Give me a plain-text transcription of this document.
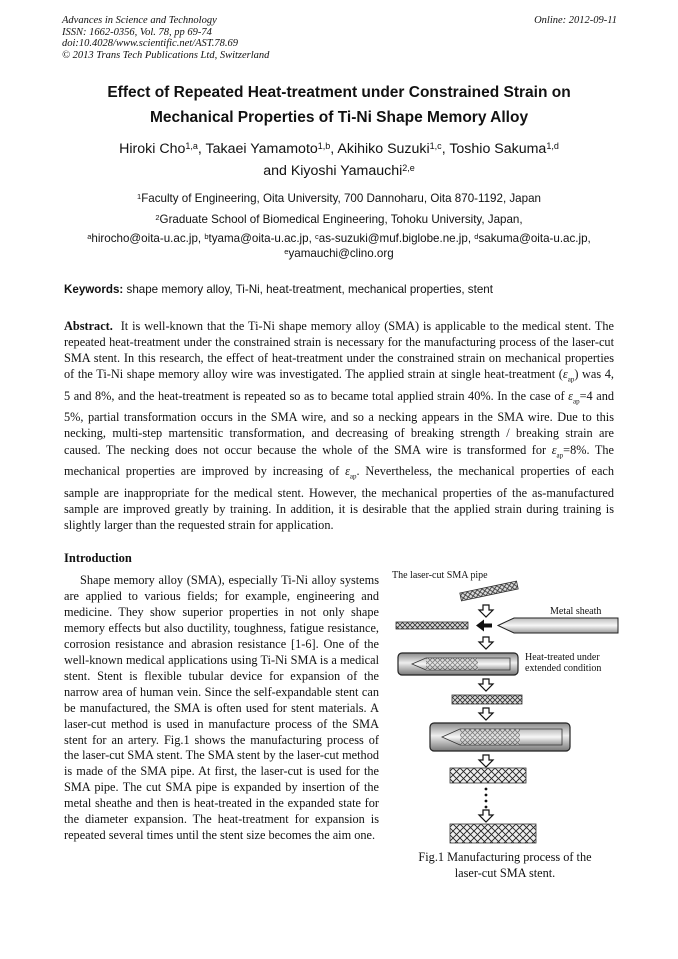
Advances in Science and Technology
ISSN: 1662-0356, Vol. 78, pp 69-74
doi:10.4028/www.scientific.net/AST.78.69
© 2013 Trans Tech Publications Ltd, Switzerland
Online: 2012-09-11
Effect of Repeated Heat-treatment under Constrained Strain on
Mechanical Properties of Ti-Ni Shape Memory Alloy
Hiroki Cho$^{1,a}$, Takaei Yamamoto$^{1,b}$, Akihiko Suzuki$^{1,c}$, Toshio Sakuma$^{1,d}$
and Kiyoshi Yamauchi$^{2,e}$
$^1$Faculty of Engineering, Oita University, 700 Dannoharu, Oita 870-1192, Japan
$^2$Graduate School of Biomedical Engineering, Tohoku University, Japan,
$^a$hirocho@oita-u.ac.jp, $^b$tyama@oita-u.ac.jp, $^c$as-suzuki@muf.biglobe.ne.jp, $^d$sakuma@oita-u.ac.jp,
$^e$yamauchi@clino.org
Keywords: shape memory alloy, Ti-Ni, heat-treatment, mechanical properties, stent
Abstract. It is well-known that the Ti-Ni shape memory alloy (SMA) is applicable to the medical stent. The repeated heat-treatment under the constrained strain is necessary for the manufacturing process of the laser-cut SMA stent. In this research, the effect of heat-treatment under the constrained strain on mechanical properties of the Ti-Ni shape memory alloy wire was investigated. The applied strain at single heat-treatment $(\varepsilon_{ap})$ was 4, 5 and 8%, and the heat-treatment is repeated so as to became total applied strain 40%. In the case of $\varepsilon_{ap}=4$ and 5%, partial transformation occurs in the SMA wire, and so a necking appears in the SMA wire. Due to this necking, multi-step martensitic transformation, and decreasing of breaking strength / breaking strain are caused. The necking does not occur because the whole of the SMA wire is transformed for $\varepsilon_{ap}=8\%$. The mechanical properties are improved by increasing of $\varepsilon_{ap}$. Nevertheless, the mechanical properties of each sample are inappropriate for the medical stent. However, the mechanical properties of the as-manufactured sample are improved greatly by training. In addition, it is desirable that the applied strain during training is slightly larger than the requested strain for application.
Introduction
Shape memory alloy (SMA), especially Ti-Ni alloy systems are applied to various fields; for example, engineering and medicine. They show superior properties in not only shape memory effects but also ductility, toughness, fatigue resistance, corrosion resistance and abrasion resistance [1-6]. One of the well-known medical applications using Ti-Ni SMA is a medical stent. Stent is flexible tubular device for expansion of the narrow area of human vein. Since the self-expandable stent can be manufactured, the SMA is often used for stent materials. A laser-cut method is used in manufacture process of the SMA stent for an artery. Fig.1 shows the manufacturing process of the laser-cut SMA stent. The SMA stent by the laser-cut method is made of the SMA pipe. At first, the laser-cut is used for the SMA pipe. The cut SMA pipe is expanded by insertion of the metal sheathe and then is heat-treated in the expanded state for the diameter expansion. The heat-treatment for expansion is repeated several times until the stent size becomes the aim one.
The laser-cut SMA pipe
Metal sheath
Heat-treated under
extended condition
Fig.1 Manufacturing process of the
laser-cut SMA stent.
